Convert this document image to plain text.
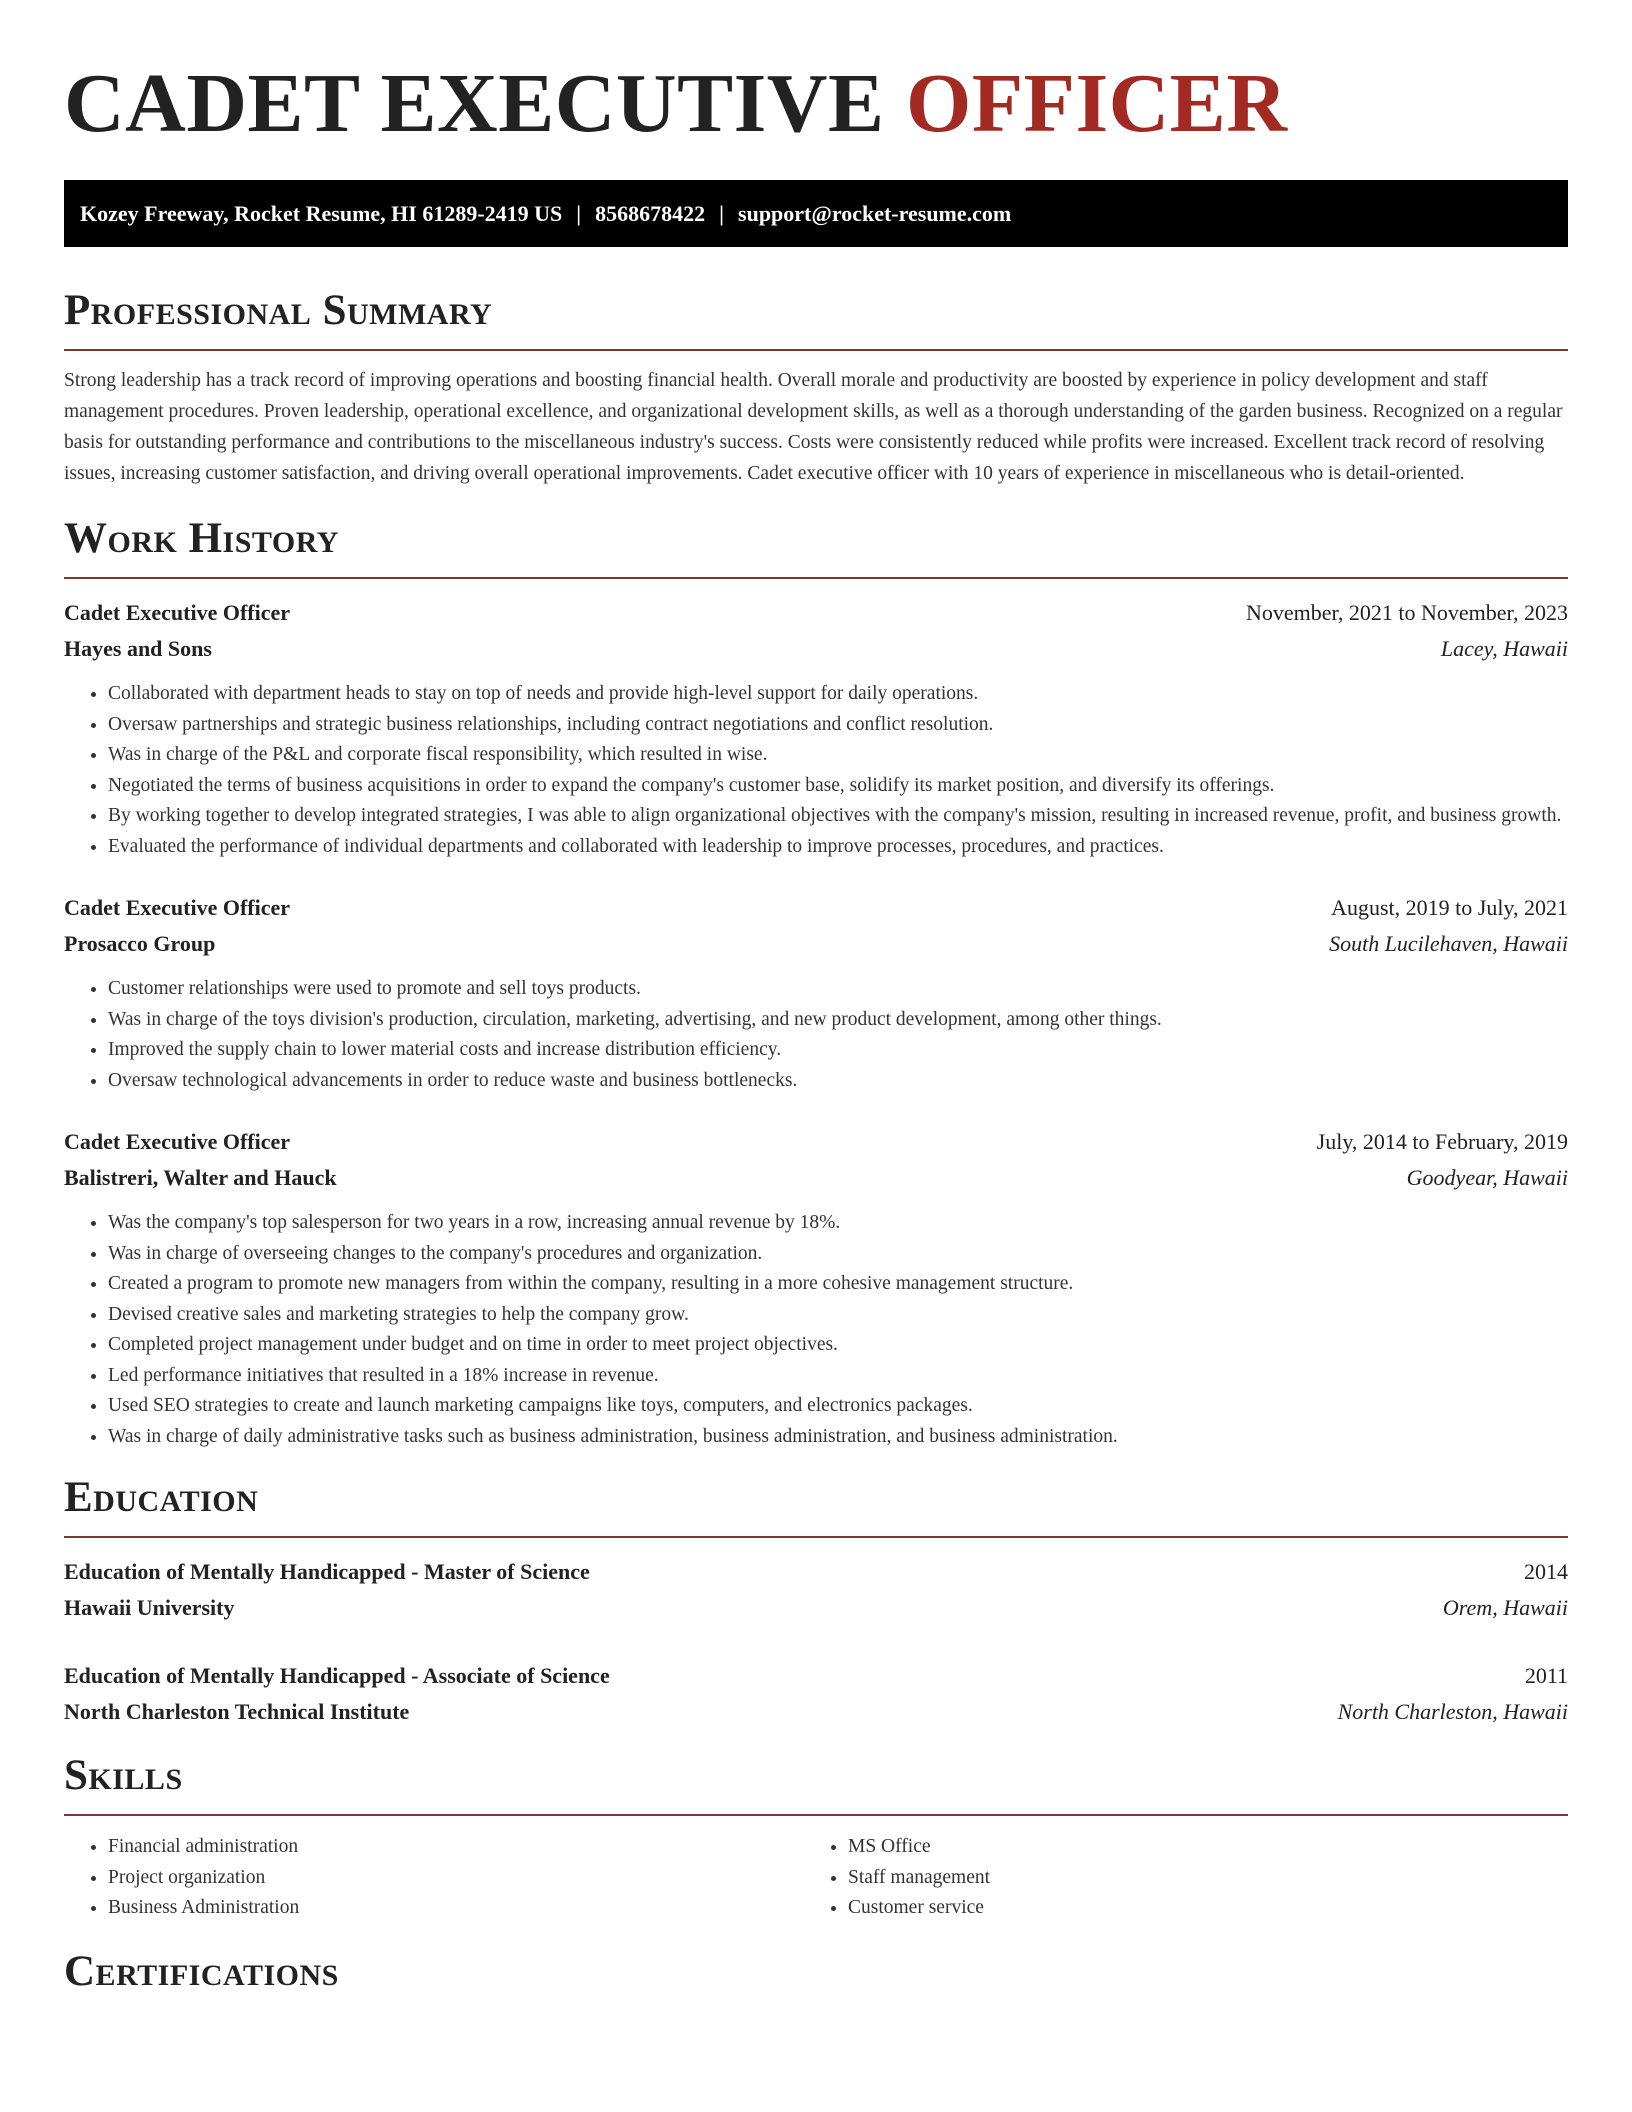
CADET EXECUTIVE OFFICER
Kozey Freeway, Rocket Resume, HI 61289-2419 US | 8568678422 | support@rocket-resume.com
Professional Summary

Strong leadership has a track record of improving operations and boosting financial health. Overall morale and productivity are boosted by experience in policy development and staff management procedures. Proven leadership, operational excellence, and organizational development skills, as well as a thorough understanding of the garden business. Recognized on a regular basis for outstanding performance and contributions to the miscellaneous industry's success. Costs were consistently reduced while profits were increased. Excellent track record of resolving issues, increasing customer satisfaction, and driving overall operational improvements. Cadet executive officer with 10 years of experience in miscellaneous who is detail-oriented.

Work History
Cadet Executive Officer	November, 2021 to November, 2023
Hayes and Sons	Lacey, Hawaii
• Collaborated with department heads to stay on top of needs and provide high-level support for daily operations.
• Oversaw partnerships and strategic business relationships, including contract negotiations and conflict resolution.
• Was in charge of the P&L and corporate fiscal responsibility, which resulted in wise.
• Negotiated the terms of business acquisitions in order to expand the company's customer base, solidify its market position, and diversify its offerings.
• By working together to develop integrated strategies, I was able to align organizational objectives with the company's mission, resulting in increased revenue, profit, and business growth.
• Evaluated the performance of individual departments and collaborated with leadership to improve processes, procedures, and practices.
Cadet Executive Officer	August, 2019 to July, 2021
Prosacco Group	South Lucilehaven, Hawaii
• Customer relationships were used to promote and sell toys products.
• Was in charge of the toys division's production, circulation, marketing, advertising, and new product development, among other things.
• Improved the supply chain to lower material costs and increase distribution efficiency.
• Oversaw technological advancements in order to reduce waste and business bottlenecks.
Cadet Executive Officer	July, 2014 to February, 2019
Balistreri, Walter and Hauck	Goodyear, Hawaii
• Was the company's top salesperson for two years in a row, increasing annual revenue by 18%.
• Was in charge of overseeing changes to the company's procedures and organization.
• Created a program to promote new managers from within the company, resulting in a more cohesive management structure.
• Devised creative sales and marketing strategies to help the company grow.
• Completed project management under budget and on time in order to meet project objectives.
• Led performance initiatives that resulted in a 18% increase in revenue.
• Used SEO strategies to create and launch marketing campaigns like toys, computers, and electronics packages.
• Was in charge of daily administrative tasks such as business administration, business administration, and business administration.
Education
Education of Mentally Handicapped - Master of Science	2014
Hawaii University	Orem, Hawaii
Education of Mentally Handicapped - Associate of Science	2011
North Charleston Technical Institute	North Charleston, Hawaii
Skills
• Financial administration
• Project organization
• Business Administration
• MS Office
• Staff management
• Customer service
Certifications
